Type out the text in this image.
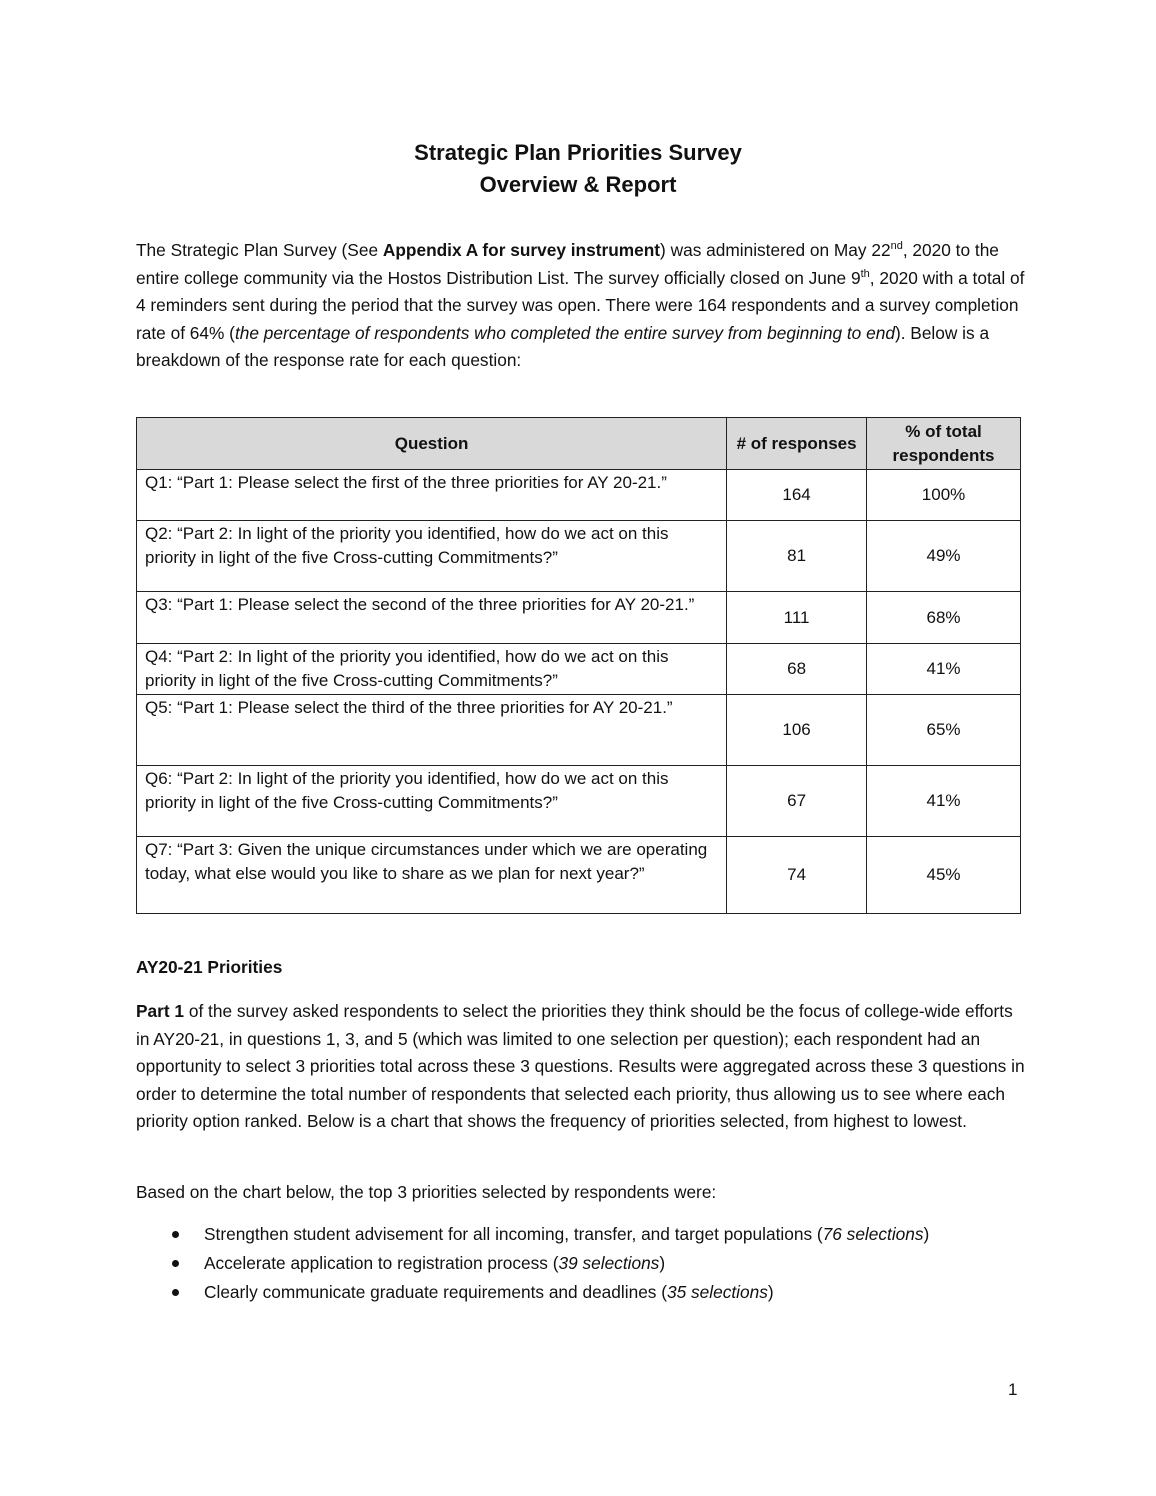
Strategic Plan Priorities Survey
Overview & Report
The Strategic Plan Survey (See Appendix A for survey instrument) was administered on May 22nd, 2020 to the entire college community via the Hostos Distribution List. The survey officially closed on June 9th, 2020 with a total of 4 reminders sent during the period that the survey was open. There were 164 respondents and a survey completion rate of 64% (the percentage of respondents who completed the entire survey from beginning to end). Below is a breakdown of the response rate for each question:
Question	# of responses	% of total respondents
Q1: “Part 1: Please select the first of the three priorities for AY 20-21.”	164	100%
Q2: “Part 2: In light of the priority you identified, how do we act on this priority in light of the five Cross-cutting Commitments?”	81	49%
Q3: “Part 1: Please select the second of the three priorities for AY 20-21.”	111	68%
Q4: “Part 2: In light of the priority you identified, how do we act on this priority in light of the five Cross-cutting Commitments?”	68	41%
Q5: “Part 1: Please select the third of the three priorities for AY 20-21.”	106	65%
Q6: “Part 2: In light of the priority you identified, how do we act on this priority in light of the five Cross-cutting Commitments?”	67	41%
Q7: “Part 3: Given the unique circumstances under which we are operating today, what else would you like to share as we plan for next year?”	74	45%
AY20-21 Priorities
Part 1 of the survey asked respondents to select the priorities they think should be the focus of college-wide efforts in AY20-21, in questions 1, 3, and 5 (which was limited to one selection per question); each respondent had an opportunity to select 3 priorities total across these 3 questions. Results were aggregated across these 3 questions in order to determine the total number of respondents that selected each priority, thus allowing us to see where each priority option ranked. Below is a chart that shows the frequency of priorities selected, from highest to lowest.
Based on the chart below, the top 3 priorities selected by respondents were:
Strengthen student advisement for all incoming, transfer, and target populations (76 selections)
Accelerate application to registration process (39 selections)
Clearly communicate graduate requirements and deadlines (35 selections)
1
